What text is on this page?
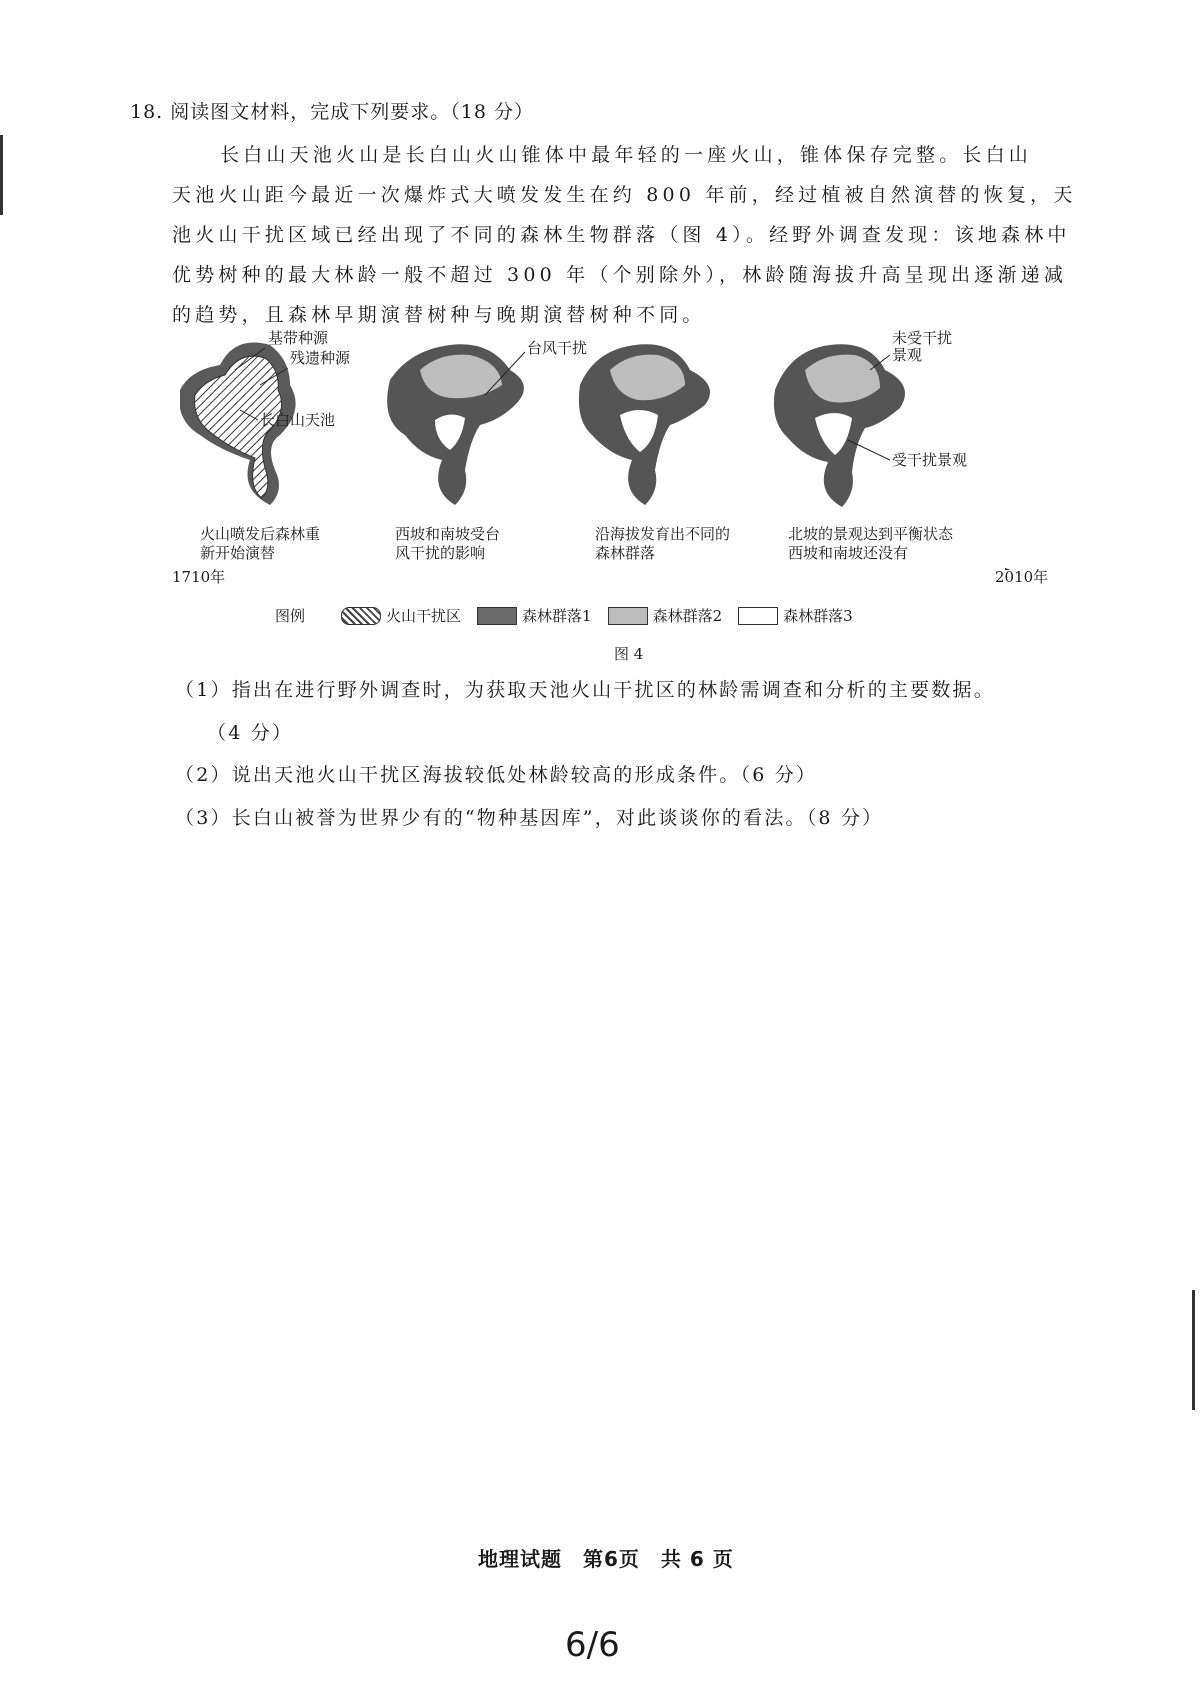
18. 阅读图文材料，完成下列要求。（18 分）

长白山天池火山是长白山火山锥体中最年轻的一座火山，锥体保存完整。长白山

天池火山距今最近一次爆炸式大喷发发生在约 800 年前，经过植被自然演替的恢复，天

池火山干扰区域已经出现了不同的森林生物群落（图 4）。经野外调查发现：该地森林中

优势树种的最大林龄一般不超过 300 年（个别除外），林龄随海拔升高呈现出逐渐递减

的趋势，且森林早期演替树种与晚期演替树种不同。

基带种源
残遗种源
长白山天池
台风干扰
未受干扰
景观
受干扰景观
火山喷发后森林重
新开始演替
西坡和南坡受台
风干扰的影响
沿海拔发育出不同的
森林群落
北坡的景观达到平衡状态
西坡和南坡还没有
1710年	2010年
图例	火山干扰区	森林群落1	森林群落2	森林群落3
图 4
（1）指出在进行野外调查时，为获取天池火山干扰区的林龄需调查和分析的主要数据。
（4 分）
（2）说出天池火山干扰区海拔较低处林龄较高的形成条件。（6 分）
（3）长白山被誉为世界少有的“物种基因库”，对此谈谈你的看法。（8 分）
地理试题　第6页　共 6 页
6/6
